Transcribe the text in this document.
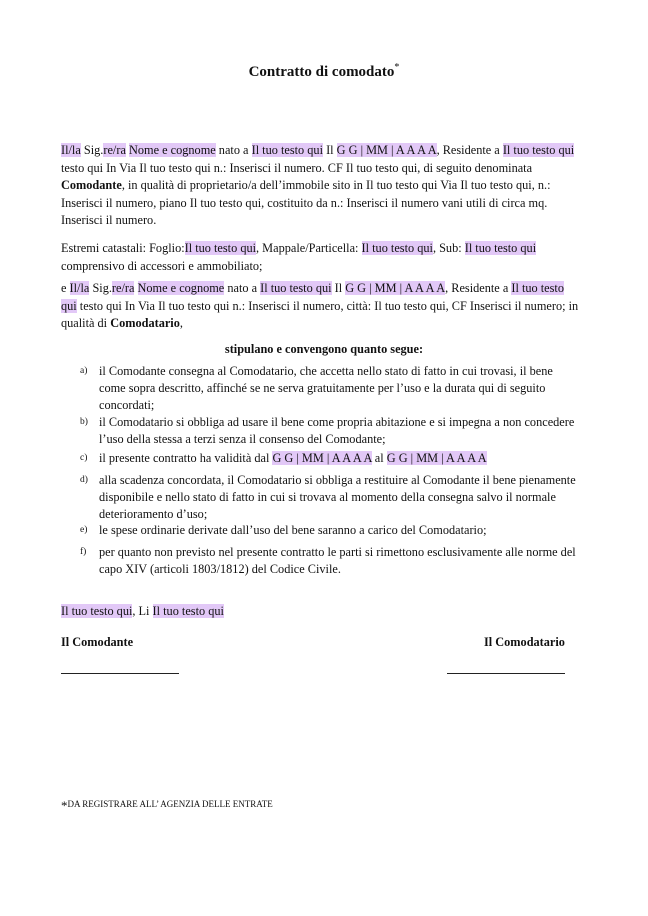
Contratto di comodato*
Il/la Sig.re/ra Nome e cognome nato a Il tuo testo qui Il G G | MM | A A A A, Residente a Il tuo testo qui testo qui In Via Il tuo testo qui n.: Inserisci il numero. CF Il tuo testo qui, di seguito denominata Comodante, in qualità di proprietario/a dell’immobile sito in Il tuo testo qui Via Il tuo testo qui, n.: Inserisci il numero, piano Il tuo testo qui, costituito da n.: Inserisci il numero vani utili di circa mq. Inserisci il numero.
Estremi catastali: Foglio:Il tuo testo qui, Mappale/Particella: Il tuo testo qui, Sub: Il tuo testo qui comprensivo di accessori e ammobiliato;
e Il/la Sig.re/ra Nome e cognome nato a Il tuo testo qui Il G G | MM | A A A A, Residente a Il tuo testo qui testo qui In Via Il tuo testo qui n.: Inserisci il numero, città: Il tuo testo qui, CF Inserisci il numero; in qualità di Comodatario,
stipulano e convengono quanto segue:
a) il Comodante consegna al Comodatario, che accetta nello stato di fatto in cui trovasi, il bene come sopra descritto, affinché se ne serva gratuitamente per l’uso e la durata qui di seguito concordati;
b) il Comodatario si obbliga ad usare il bene come propria abitazione e si impegna a non concedere l’uso della stessa a terzi senza il consenso del Comodante;
c) il presente contratto ha validità dal G G | MM | A A A A al G G | MM | A A A A
d) alla scadenza concordata, il Comodatario si obbliga a restituire al Comodante il bene pienamente disponibile e nello stato di fatto in cui si trovava al momento della consegna salvo il normale deterioramento d’uso;
e) le spese ordinarie derivate dall’uso del bene saranno a carico del Comodatario;
f)	per quanto non previsto nel presente contratto le parti si rimettono esclusivamente alle norme del capo XIV (articoli 1803/1812) del Codice Civile.
Il tuo testo qui, Li Il tuo testo qui
Il Comodante	Il Comodatario
*DA REGISTRARE ALL’ AGENZIA DELLE ENTRATE
